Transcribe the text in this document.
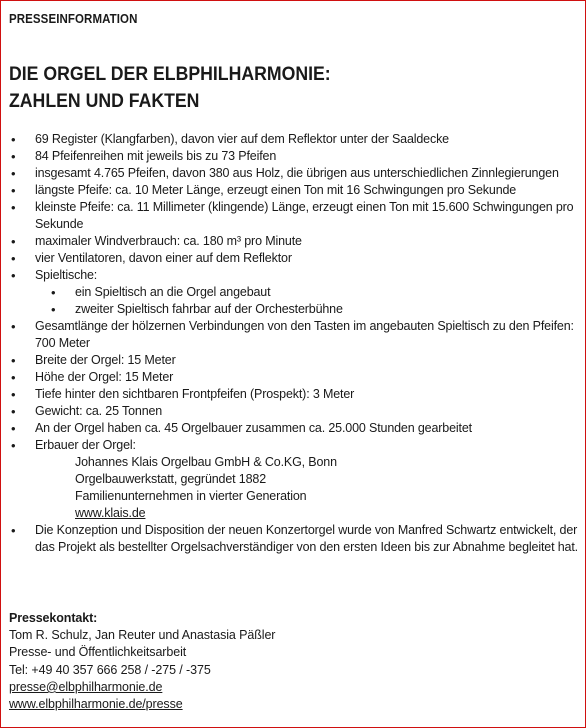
PRESSEINFORMATION
DIE ORGEL DER ELBPHILHARMONIE:
ZAHLEN UND FAKTEN
• 69 Register (Klangfarben), davon vier auf dem Reflektor unter der Saaldecke
• 84 Pfeifenreihen mit jeweils bis zu 73 Pfeifen
• insgesamt 4.765 Pfeifen, davon 380 aus Holz, die übrigen aus unterschiedlichen Zinnlegierungen
• längste Pfeife: ca. 10 Meter Länge, erzeugt einen Ton mit 16 Schwingungen pro Sekunde
• kleinste Pfeife: ca. 11 Millimeter (klingende) Länge, erzeugt einen Ton mit 15.600 Schwingungen pro Sekunde
• maximaler Windverbrauch: ca. 180 m³ pro Minute
• vier Ventilatoren, davon einer auf dem Reflektor
• Spieltische:
• ein Spieltisch an die Orgel angebaut
• zweiter Spieltisch fahrbar auf der Orchesterbühne
• Gesamtlänge der hölzernen Verbindungen von den Tasten im angebauten Spieltisch zu den Pfeifen: 700 Meter
• Breite der Orgel: 15 Meter
• Höhe der Orgel: 15 Meter
• Tiefe hinter den sichtbaren Frontpfeifen (Prospekt): 3 Meter
• Gewicht: ca. 25 Tonnen
• An der Orgel haben ca. 45 Orgelbauer zusammen ca. 25.000 Stunden gearbeitet
• Erbauer der Orgel:
Johannes Klais Orgelbau GmbH & Co.KG, Bonn
Orgelbauwerkstatt, gegründet 1882
Familienunternehmen in vierter Generation
www.klais.de
• Die Konzeption und Disposition der neuen Konzertorgel wurde von Manfred Schwartz entwickelt, der das Projekt als bestellter Orgelsachverständiger von den ersten Ideen bis zur Abnahme begleitet hat.
Pressekontakt:
Tom R. Schulz, Jan Reuter und Anastasia Päßler
Presse- und Öffentlichkeitsarbeit
Tel: +49 40 357 666 258 / -275 / -375
presse@elbphilharmonie.de
www.elbphilharmonie.de/presse
